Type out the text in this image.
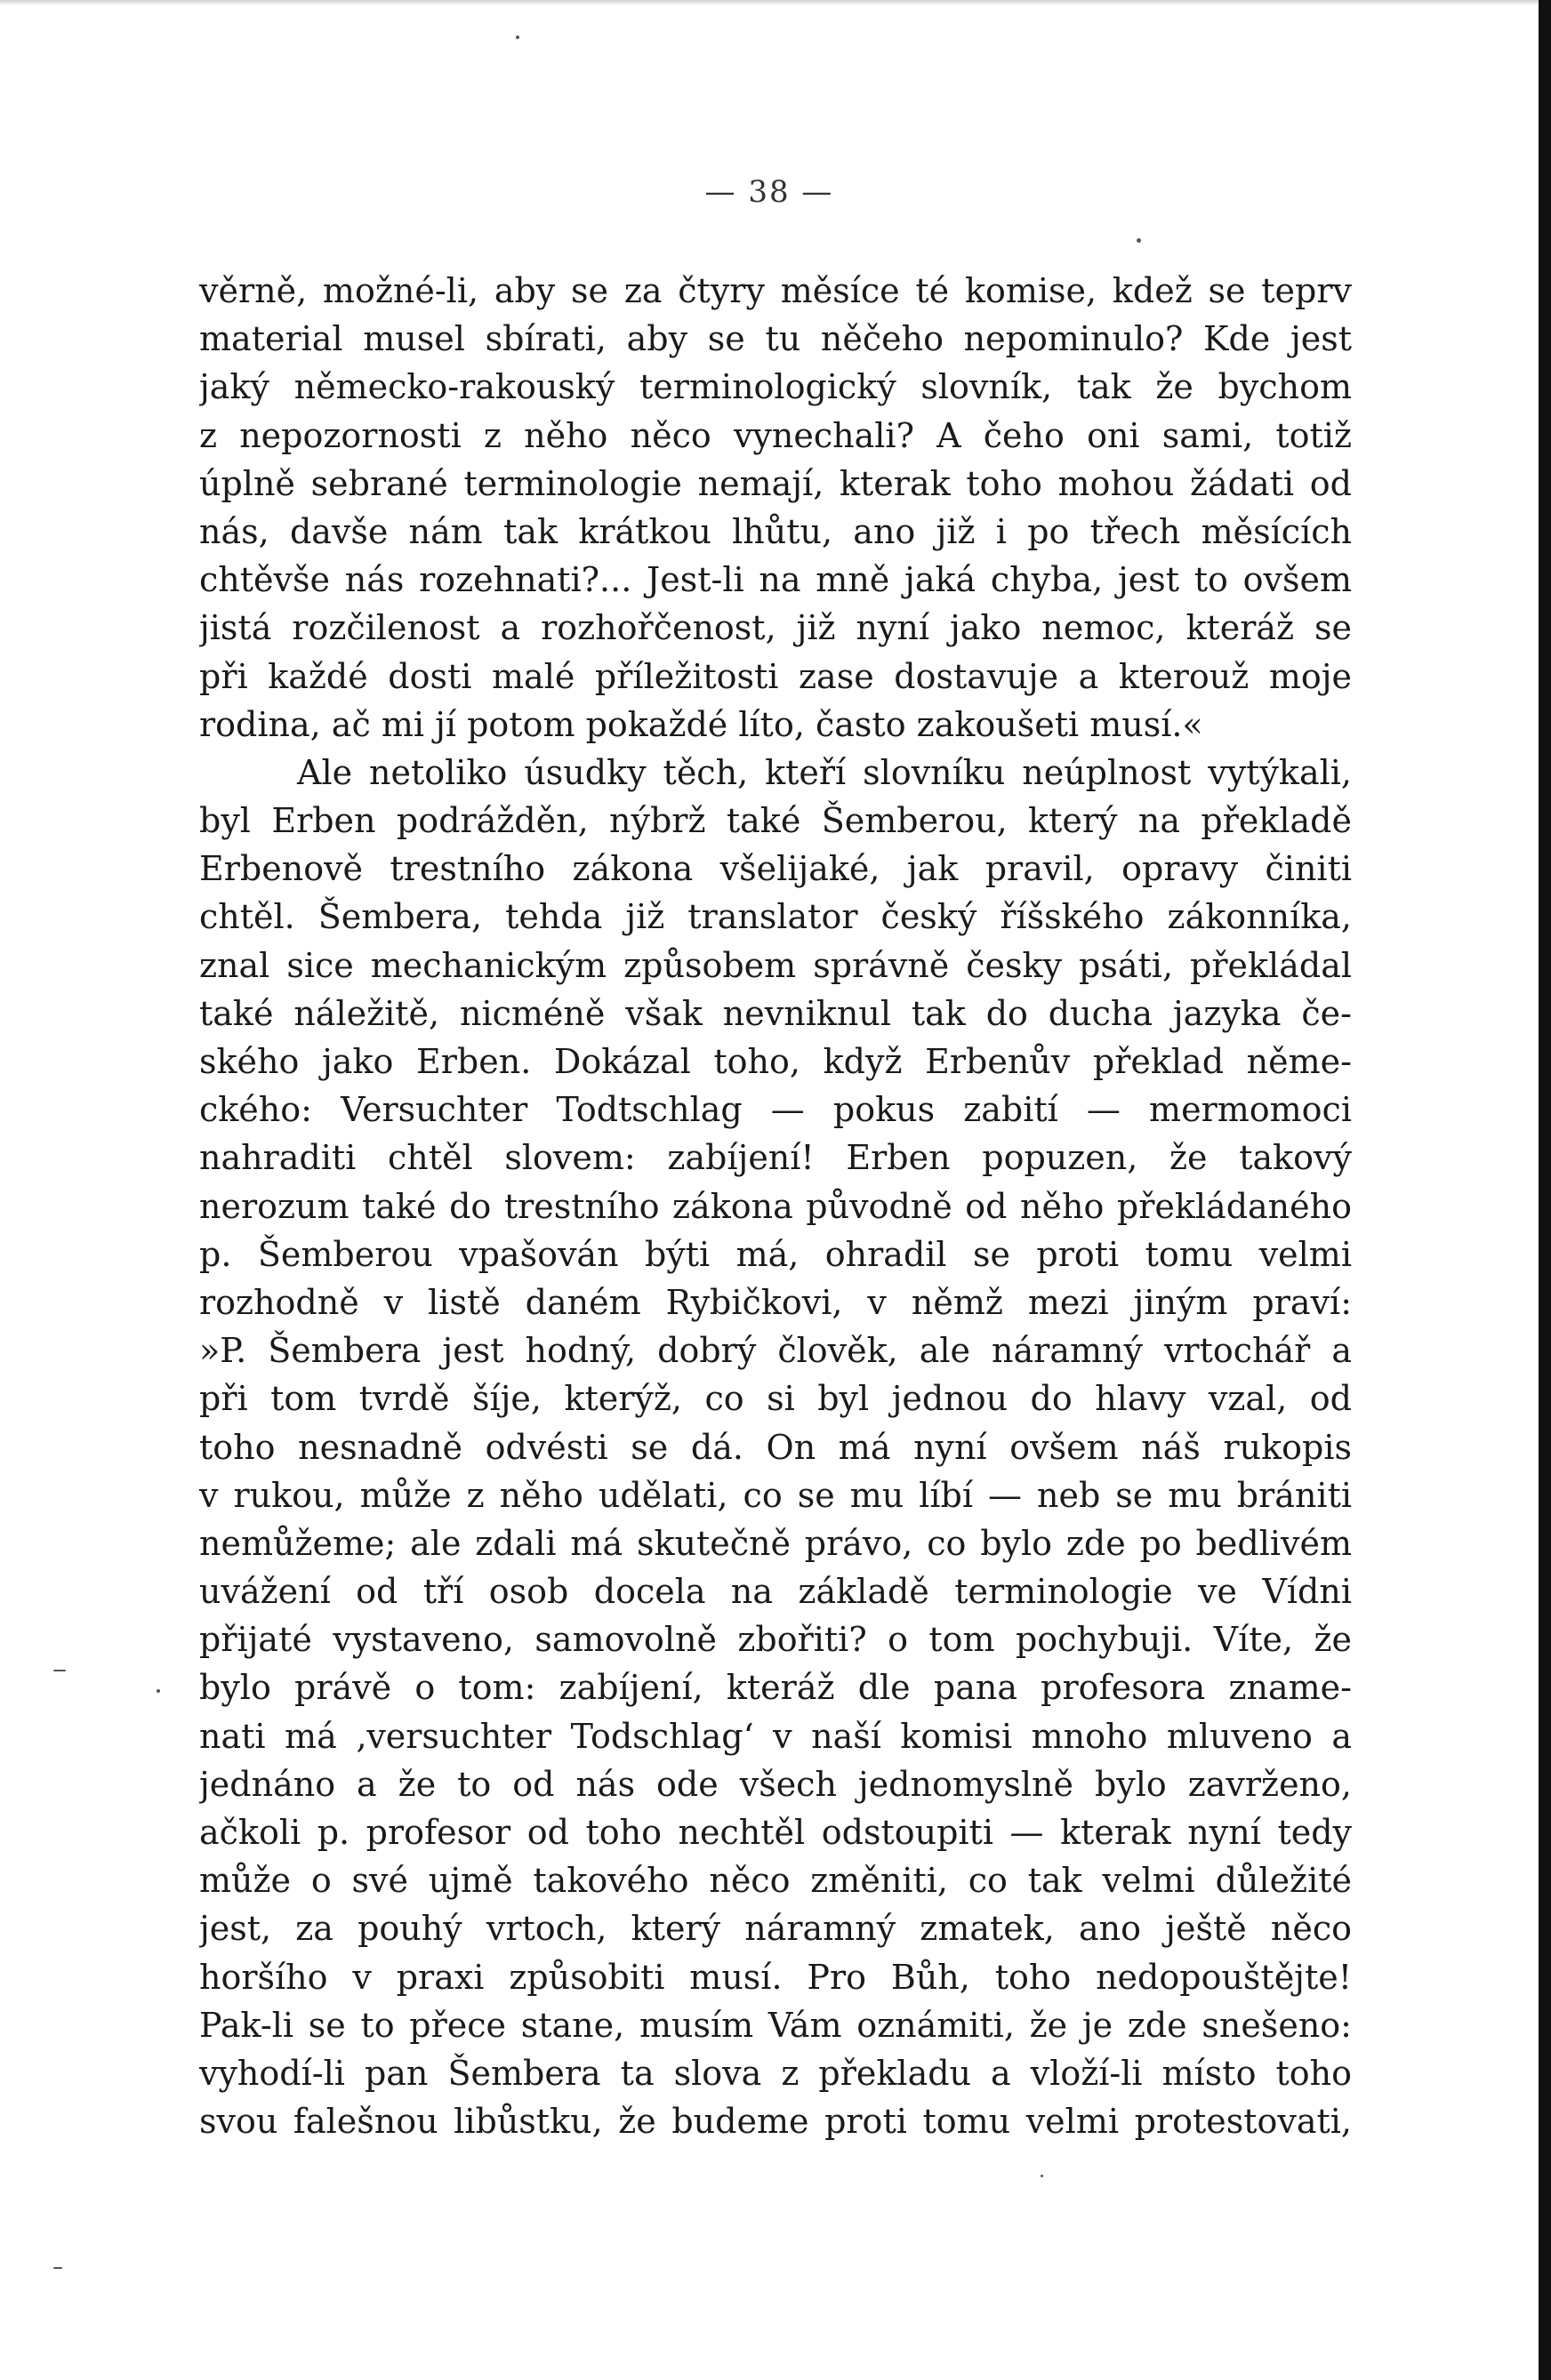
— 38 —
věrně, možné-li, aby se za čtyry měsíce té komise, kdež se teprv
material musel sbírati, aby se tu něčeho nepominulo? Kde jest
jaký německo-rakouský terminologický slovník, tak že bychom
z nepozornosti z něho něco vynechali? A čeho oni sami, totiž
úplně sebrané terminologie nemají, kterak toho mohou žádati od
nás, davše nám tak krátkou lhůtu, ano již i po třech měsících
chtěvše nás rozehnati?... Jest-li na mně jaká chyba, jest to ovšem
jistá rozčilenost a rozhořčenost, již nyní jako nemoc, kteráž se
při každé dosti malé příležitosti zase dostavuje a kterouž moje
rodina, ač mi jí potom pokaždé líto, často zakoušeti musí.«
Ale netoliko úsudky těch, kteří slovníku neúplnost vytýkali,
byl Erben podrážděn, nýbrž také Šemberou, který na překladě
Erbenově trestního zákona všelijaké, jak pravil, opravy činiti
chtěl. Šembera, tehda již translator český říšského zákonníka,
znal sice mechanickým způsobem správně česky psáti, překládal
také náležitě, nicméně však nevniknul tak do ducha jazyka če-
ského jako Erben. Dokázal toho, když Erbenův překlad něme-
ckého: Versuchter Todtschlag — pokus zabití — mermomoci
nahraditi chtěl slovem: zabíjení! Erben popuzen, že takový
nerozum také do trestního zákona původně od něho překládaného
p. Šemberou vpašován býti má, ohradil se proti tomu velmi
rozhodně v listě daném Rybičkovi, v němž mezi jiným praví:
»P. Šembera jest hodný, dobrý člověk, ale náramný vrtochář a
při tom tvrdě šíje, kterýž, co si byl jednou do hlavy vzal, od
toho nesnadně odvésti se dá. On má nyní ovšem náš rukopis
v rukou, může z něho udělati, co se mu líbí — neb se mu brániti
nemůžeme; ale zdali má skutečně právo, co bylo zde po bedlivém
uvážení od tří osob docela na základě terminologie ve Vídni
přijaté vystaveno, samovolně zbořiti? o tom pochybuji. Víte, že
bylo právě o tom: zabíjení, kteráž dle pana profesora zname-
nati má ‚versuchter Todschlag‘ v naší komisi mnoho mluveno a
jednáno a že to od nás ode všech jednomyslně bylo zavrženo,
ačkoli p. profesor od toho nechtěl odstoupiti — kterak nyní tedy
může o své ujmě takového něco změniti, co tak velmi důležité
jest, za pouhý vrtoch, který náramný zmatek, ano ještě něco
horšího v praxi způsobiti musí. Pro Bůh, toho nedopouštějte!
Pak-li se to přece stane, musím Vám oznámiti, že je zde snešeno:
vyhodí-li pan Šembera ta slova z překladu a vloží-li místo toho
svou falešnou libůstku, že budeme proti tomu velmi protestovati,
